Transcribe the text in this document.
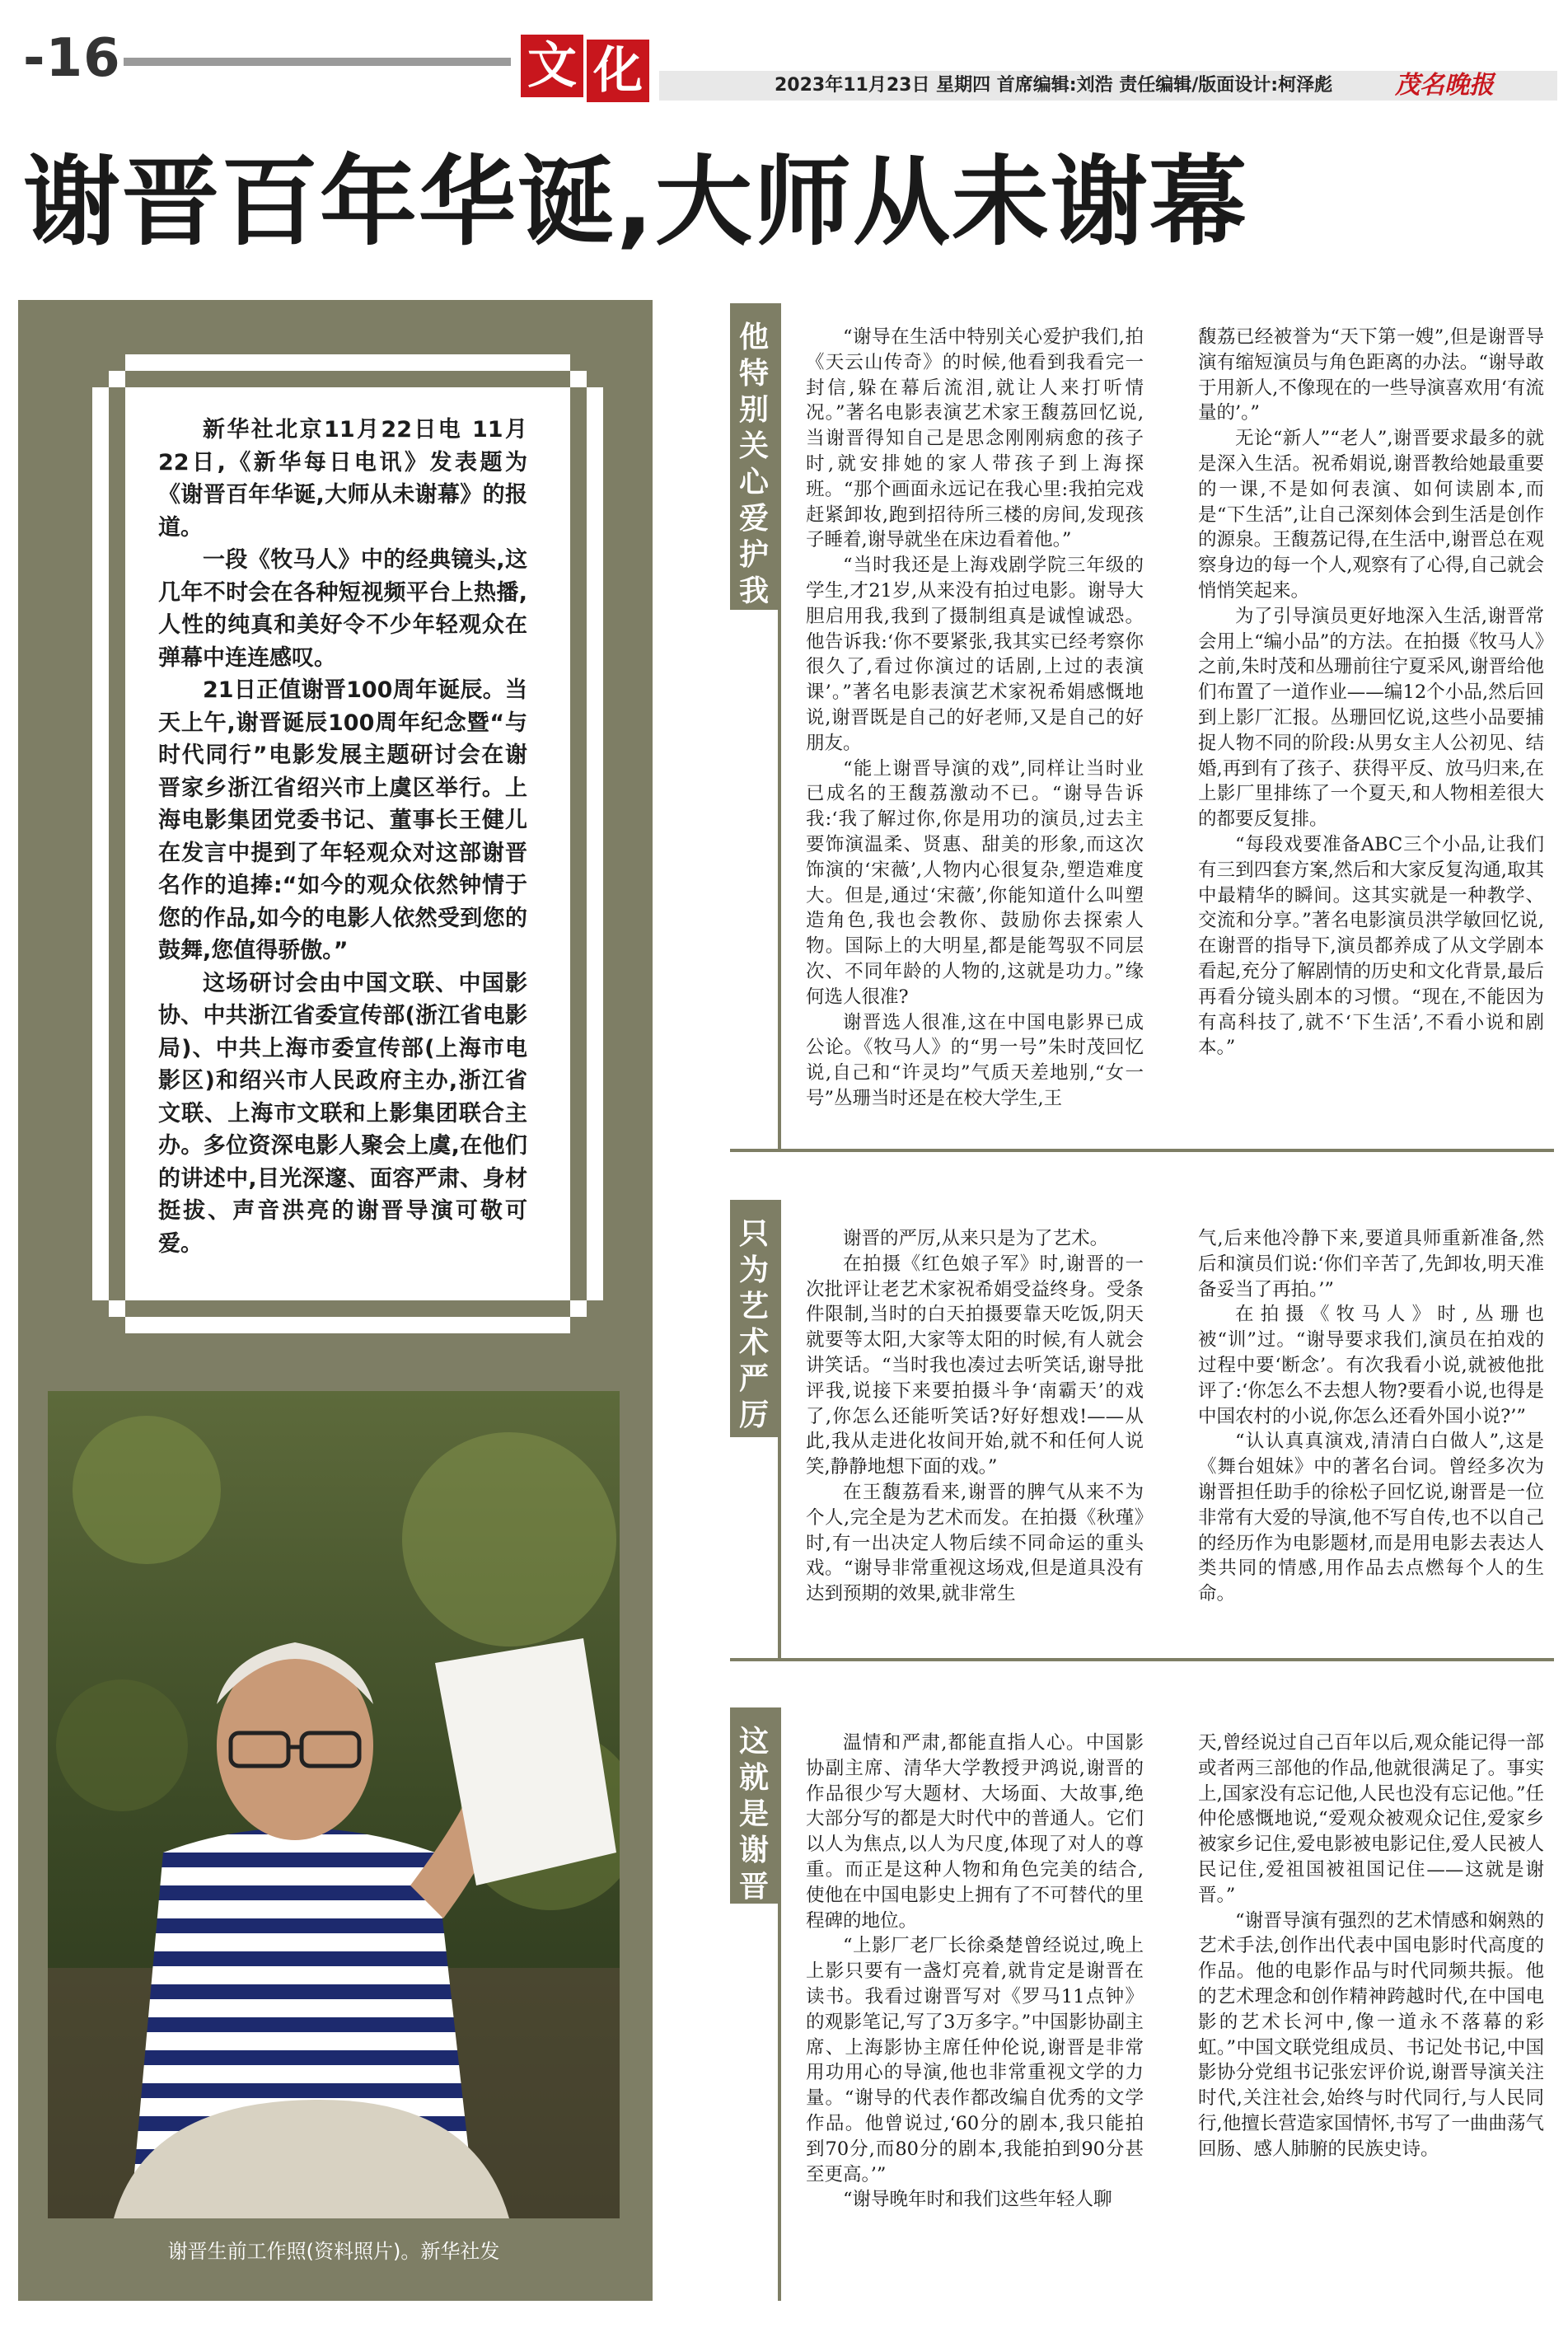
-16	文 化	2023年11月23日 星期四 首席编辑:刘浩 责任编辑/版面设计:柯泽彪	茂名晚报
谢晋百年华诞,大师从未谢幕

新华社北京11月22日电 11月22日,《新华每日电讯》发表题为《谢晋百年华诞,大师从未谢幕》的报道。

一段《牧马人》中的经典镜头,这几年不时会在各种短视频平台上热播,人性的纯真和美好令不少年轻观众在弹幕中连连感叹。

21日正值谢晋100周年诞辰。当天上午,谢晋诞辰100周年纪念暨“与时代同行”电影发展主题研讨会在谢晋家乡浙江省绍兴市上虞区举行。上海电影集团党委书记、董事长王健儿在发言中提到了年轻观众对这部谢晋名作的追捧:“如今的观众依然钟情于您的作品,如今的电影人依然受到您的鼓舞,您值得骄傲。”

这场研讨会由中国文联、中国影协、中共浙江省委宣传部(浙江省电影局)、中共上海市委宣传部(上海市电影区)和绍兴市人民政府主办,浙江省文联、上海市文联和上影集团联合主办。多位资深电影人聚会上虞,在他们的讲述中,目光深邃、面容严肃、身材挺拔、声音洪亮的谢晋导演可敬可爱。

谢晋生前工作照(资料照片)。新华社发
他特别关心爱护我们

“谢导在生活中特别关心爱护我们,拍《天云山传奇》的时候,他看到我看完一封信,躲在幕后流泪,就让人来打听情况。”著名电影表演艺术家王馥荔回忆说,当谢晋得知自己是思念刚刚病愈的孩子时,就安排她的家人带孩子到上海探班。“那个画面永远记在我心里:我拍完戏赶紧卸妆,跑到招待所三楼的房间,发现孩子睡着,谢导就坐在床边看着他。”

“当时我还是上海戏剧学院三年级的学生,才21岁,从来没有拍过电影。谢导大胆启用我,我到了摄制组真是诚惶诚恐。他告诉我:‘你不要紧张,我其实已经考察你很久了,看过你演过的话剧,上过的表演课’。”著名电影表演艺术家祝希娟感慨地说,谢晋既是自己的好老师,又是自己的好朋友。

“能上谢晋导演的戏”,同样让当时业已成名的王馥荔激动不已。“谢导告诉我:‘我了解过你,你是用功的演员,过去主要饰演温柔、贤惠、甜美的形象,而这次饰演的‘宋薇’,人物内心很复杂,塑造难度大。但是,通过‘宋薇’,你能知道什么叫塑造角色,我也会教你、鼓励你去探索人物。国际上的大明星,都是能驾驭不同层次、不同年龄的人物的,这就是功力。”缘何选人很准?

谢晋选人很准,这在中国电影界已成公论。《牧马人》的“男一号”朱时茂回忆说,自己和“许灵均”气质天差地别,“女一号”丛珊当时还是在校大学生,王

馥荔已经被誉为“天下第一嫂”,但是谢晋导演有缩短演员与角色距离的办法。“谢导敢于用新人,不像现在的一些导演喜欢用‘有流量的’。”

无论“新人”“老人”,谢晋要求最多的就是深入生活。祝希娟说,谢晋教给她最重要的一课,不是如何表演、如何读剧本,而是“下生活”,让自己深刻体会到生活是创作的源泉。王馥荔记得,在生活中,谢晋总在观察身边的每一个人,观察有了心得,自己就会悄悄笑起来。

为了引导演员更好地深入生活,谢晋常会用上“编小品”的方法。在拍摄《牧马人》之前,朱时茂和丛珊前往宁夏采风,谢晋给他们布置了一道作业——编12个小品,然后回到上影厂汇报。丛珊回忆说,这些小品要捕捉人物不同的阶段:从男女主人公初见、结婚,再到有了孩子、获得平反、放马归来,在上影厂里排练了一个夏天,和人物相差很大的都要反复排。

“每段戏要准备ABC三个小品,让我们有三到四套方案,然后和大家反复沟通,取其中最精华的瞬间。这其实就是一种教学、交流和分享。”著名电影演员洪学敏回忆说,在谢晋的指导下,演员都养成了从文学剧本看起,充分了解剧情的历史和文化背景,最后再看分镜头剧本的习惯。“现在,不能因为有高科技了,就不‘下生活’,不看小说和剧本。”

只为艺术严厉

谢晋的严厉,从来只是为了艺术。

在拍摄《红色娘子军》时,谢晋的一次批评让老艺术家祝希娟受益终身。受条件限制,当时的白天拍摄要靠天吃饭,阴天就要等太阳,大家等太阳的时候,有人就会讲笑话。“当时我也凑过去听笑话,谢导批评我,说接下来要拍摄斗争‘南霸天’的戏了,你怎么还能听笑话?好好想戏!——从此,我从走进化妆间开始,就不和任何人说笑,静静地想下面的戏。”

在王馥荔看来,谢晋的脾气从来不为个人,完全是为艺术而发。在拍摄《秋瑾》时,有一出决定人物后续不同命运的重头戏。“谢导非常重视这场戏,但是道具没有达到预期的效果,就非常生

气,后来他冷静下来,要道具师重新准备,然后和演员们说:‘你们辛苦了,先卸妆,明天准备妥当了再拍。’”

在拍摄《牧马人》时,丛珊也被“训”过。“谢导要求我们,演员在拍戏的过程中要‘断念’。有次我看小说,就被他批评了:‘你怎么不去想人物?要看小说,也得是中国农村的小说,你怎么还看外国小说?’”

“认认真真演戏,清清白白做人”,这是《舞台姐妹》中的著名台词。曾经多次为谢晋担任助手的徐松子回忆说,谢晋是一位非常有大爱的导演,他不写自传,也不以自己的经历作为电影题材,而是用电影去表达人类共同的情感,用作品去点燃每个人的生命。

这就是谢晋

温情和严肃,都能直指人心。中国影协副主席、清华大学教授尹鸿说,谢晋的作品很少写大题材、大场面、大故事,绝大部分写的都是大时代中的普通人。它们以人为焦点,以人为尺度,体现了对人的尊重。而正是这种人物和角色完美的结合,使他在中国电影史上拥有了不可替代的里程碑的地位。

“上影厂老厂长徐桑楚曾经说过,晚上上影只要有一盏灯亮着,就肯定是谢晋在读书。我看过谢晋写对《罗马11点钟》的观影笔记,写了3万多字。”中国影协副主席、上海影协主席任仲伦说,谢晋是非常用功用心的导演,他也非常重视文学的力量。“谢导的代表作都改编自优秀的文学作品。他曾说过,‘60分的剧本,我只能拍到70分,而80分的剧本,我能拍到90分甚至更高。’”

“谢导晚年时和我们这些年轻人聊

天,曾经说过自己百年以后,观众能记得一部或者两三部他的作品,他就很满足了。事实上,国家没有忘记他,人民也没有忘记他。”任仲伦感慨地说,“爱观众被观众记住,爱家乡被家乡记住,爱电影被电影记住,爱人民被人民记住,爱祖国被祖国记住——这就是谢晋。”

“谢晋导演有强烈的艺术情感和娴熟的艺术手法,创作出代表中国电影时代高度的作品。他的电影作品与时代同频共振。他的艺术理念和创作精神跨越时代,在中国电影的艺术长河中,像一道永不落幕的彩虹。”中国文联党组成员、书记处书记,中国影协分党组书记张宏评价说,谢晋导演关注时代,关注社会,始终与时代同行,与人民同行,他擅长营造家国情怀,书写了一曲曲荡气回肠、感人肺腑的民族史诗。
